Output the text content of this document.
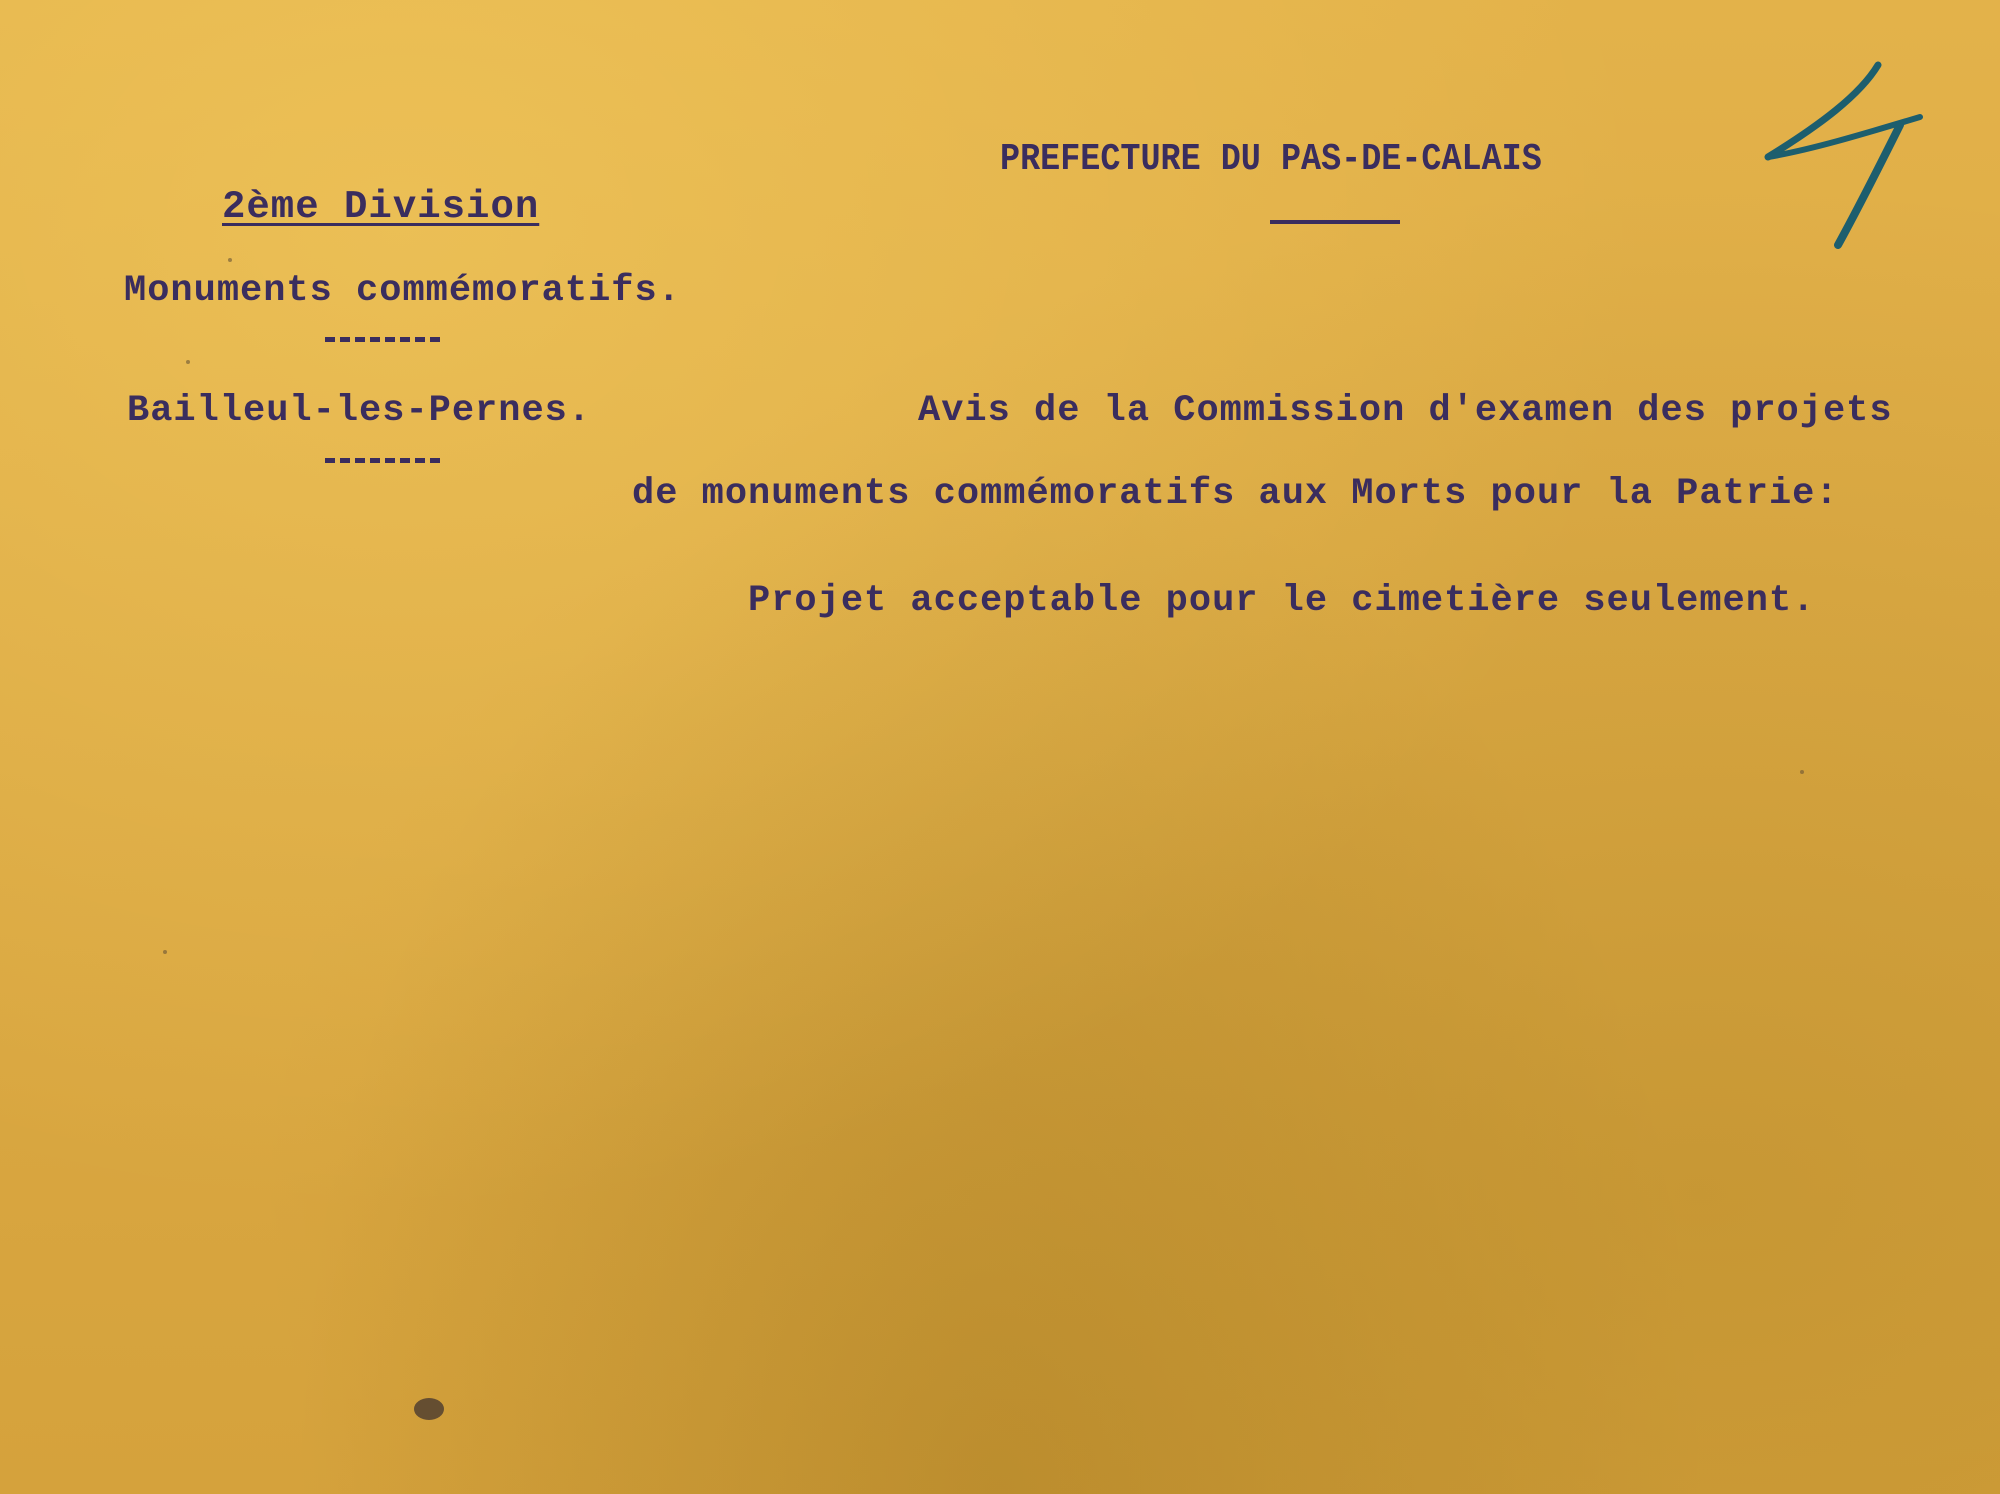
PREFECTURE DU PAS-DE-CALAIS
2ème Division
Monuments commémoratifs.
Bailleul-les-Pernes.	Avis de la Commission d'examen des projets
de monuments commémoratifs aux Morts pour la Patrie:
Projet acceptable pour le cimetière seulement.
